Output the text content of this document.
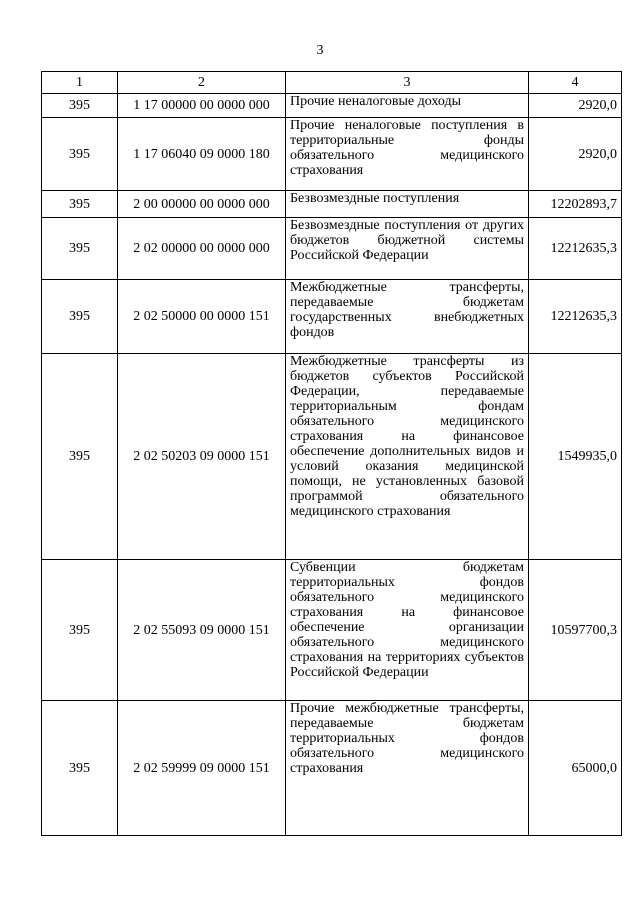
3
1	2	3	4
395	1 17 00000 00 0000 000	Прочие неналоговые доходы	2920,0
395	1 17 06040 09 0000 180	Прочие неналоговые поступления в территориальные фонды обязательного медицинского страхования	2920,0
395	2 00 00000 00 0000 000	Безвозмездные поступления	12202893,7
395	2 02 00000 00 0000 000	Безвозмездные поступления от других бюджетов бюджетной системы Российской Федерации	12212635,3
395	2 02 50000 00 0000 151	Межбюджетные трансферты, передаваемые бюджетам государственных внебюджетных фондов	12212635,3
395	2 02 50203 09 0000 151	Межбюджетные трансферты из бюджетов субъектов Российской Федерации, передаваемые территориальным фондам обязательного медицинского страхования на финансовое обеспечение дополнительных видов и условий оказания медицинской помощи, не установленных базовой программой обязательного медицинского страхования	1549935,0
395	2 02 55093 09 0000 151	Субвенции бюджетам территориальных фондов обязательного медицинского страхования на финансовое обеспечение организации обязательного медицинского страхования на территориях субъектов Российской Федерации	10597700,3
395	2 02 59999 09 0000 151	Прочие межбюджетные трансферты, передаваемые бюджетам территориальных фондов обязательного медицинского страхования	65000,0
